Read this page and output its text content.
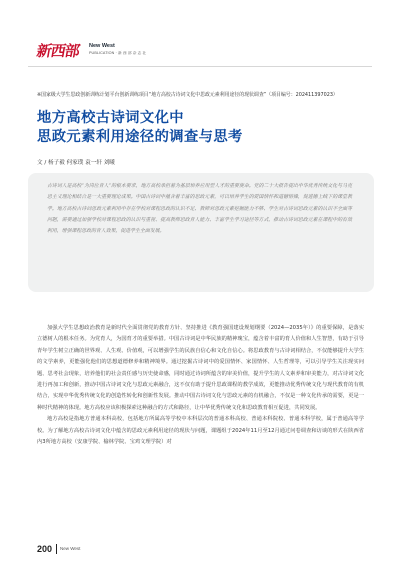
新西部 New West
PUBLICATION · 新 西 部 杂 志 社
※国家级大学生思政创新训练计划平台创新训练项目“地方高校古诗词文化中思政元素利用途径的现状调查”（项目编号：202411397023）
地方高校古诗词文化中
思政元素利用途径的调查与思考
文 / 杨子毅 何家璞 袁一轩 刘曦
古诗词人是高校“为岗位育人”的根本要求，地方高校承担着为基层培养应用型人才的重要使命。党的二十大报告提出中华优秀传统文化与马克思主义理论相结合是一大重要理论成果。中国古诗词中蕴含着丰富的思政元素，可以培养学生的爱国情怀和道德情操，促进德上线下的课堂教学。地方高校古诗词思政元素利用中存在学校对课程思政的认识不足、教师对思政元素挖掘能力不够、学生对古诗词思政元素的认识不全面等问题，需要通过加强学校对课程思政的认识与重视、提高教师思政育人能力、丰富学生学习途径等方式，推动古诗词思政元素在课程中的有效利用，增强课程思政的育人效果，促进学生全面发展。

加强大学生思想政治教育是新时代全面贯彻党的教育方针、坚持推进《教育强国建设规划纲要（2024—2035年）》的重要保障，是落实立德树人的根本任务。为党育人，为国育才的重要举措。中国古诗词是中华民族的精神瑰宝，蕴含着丰富的育人价值和人生智慧，有助于引导青年学生树立正确的世界观、人生观、价值观，可以增强学生的民族自信心和文化自信心。将思政教育与古诗词相结合，不仅能够提升大学生的文学素养，更能强化他们的思想道德修养和精神境界。通过挖掘古诗词中的爱国情怀、家国情怀、人生哲理等，可以引导学生关注现实问题、思考社会现象，培养他们的社会责任感与历史使命感，同时通过诗词所蕴含的审美价值，提升学生的人文素养和审美能力，对古诗词文化进行再加工和创新，推动中国古诗词文化与思政元素融合，这不仅有助于提升思政课程的教学成效，更能推动优秀传统文化与现代教育的有机结合，实现中华优秀传统文化的创造性转化和创新性发展。推动中国古诗词文化与思政元素的有机融合，不仅是一种文化传承的需要，更是一种时代精神的体现。地方高校应该积极探索这种融合的方式和路径，让中华优秀传统文化和思政教育相互促进，共同发展。

地方高校是指地方普通本科高校，包括地方所属高等学校中本科层次的普通本科高校、普通本科院校、普通本科学校，属于普通高等学校。为了解地方高校古诗词文化中蕴含的思政元素利用途径的现状与问题，课题组于2024年11月至12月通过问卷调查和访谈的形式在陕西省内3所地方高校（安康学院、榆林学院、宝鸡文理学院）对

200 New West
